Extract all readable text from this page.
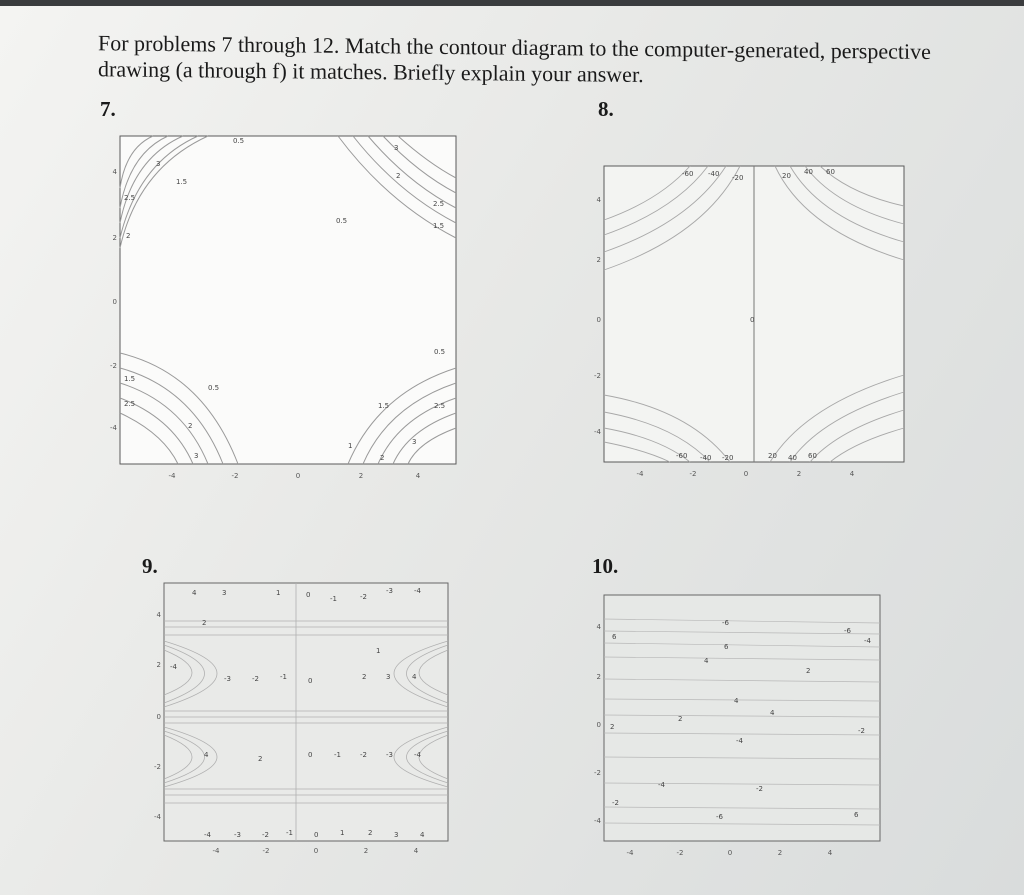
For problems 7 through 12. Match the contour diagram to the computer-generated, perspective
drawing (a through f) it matches. Briefly explain your answer.
7.	8.
9.	10.
0.5
3
1.5
2.5
2
3
2
0.5
2.5
1.5
0.5
1.5
0.5
2.5
2
3
1.5	2.5
1
2
3
-4	-2	0	2	4
4
2
0
-2
-4
-60 -40 -20	20 40 60
0
-60 -40 -20	20 40 60
-4	-2	0	2	4
4
2
0
-2
-4
4	3	1	0	-1	-2
-3	-4
2
1
-4
-3	-2	-1	0	2	3	4
4	2	0	-1	-2	-3	-4
-4	-3	-2 -1	0	1	2	3	4
-4	-2	0	2	4
4
2
0
-2
-4
-6
-6
6
6
-4
4
2
4
4
2
2
-4
-2
-4	-2
-2
-6	6
-4	-2	0	2	4
4
2
0
-2
-4
